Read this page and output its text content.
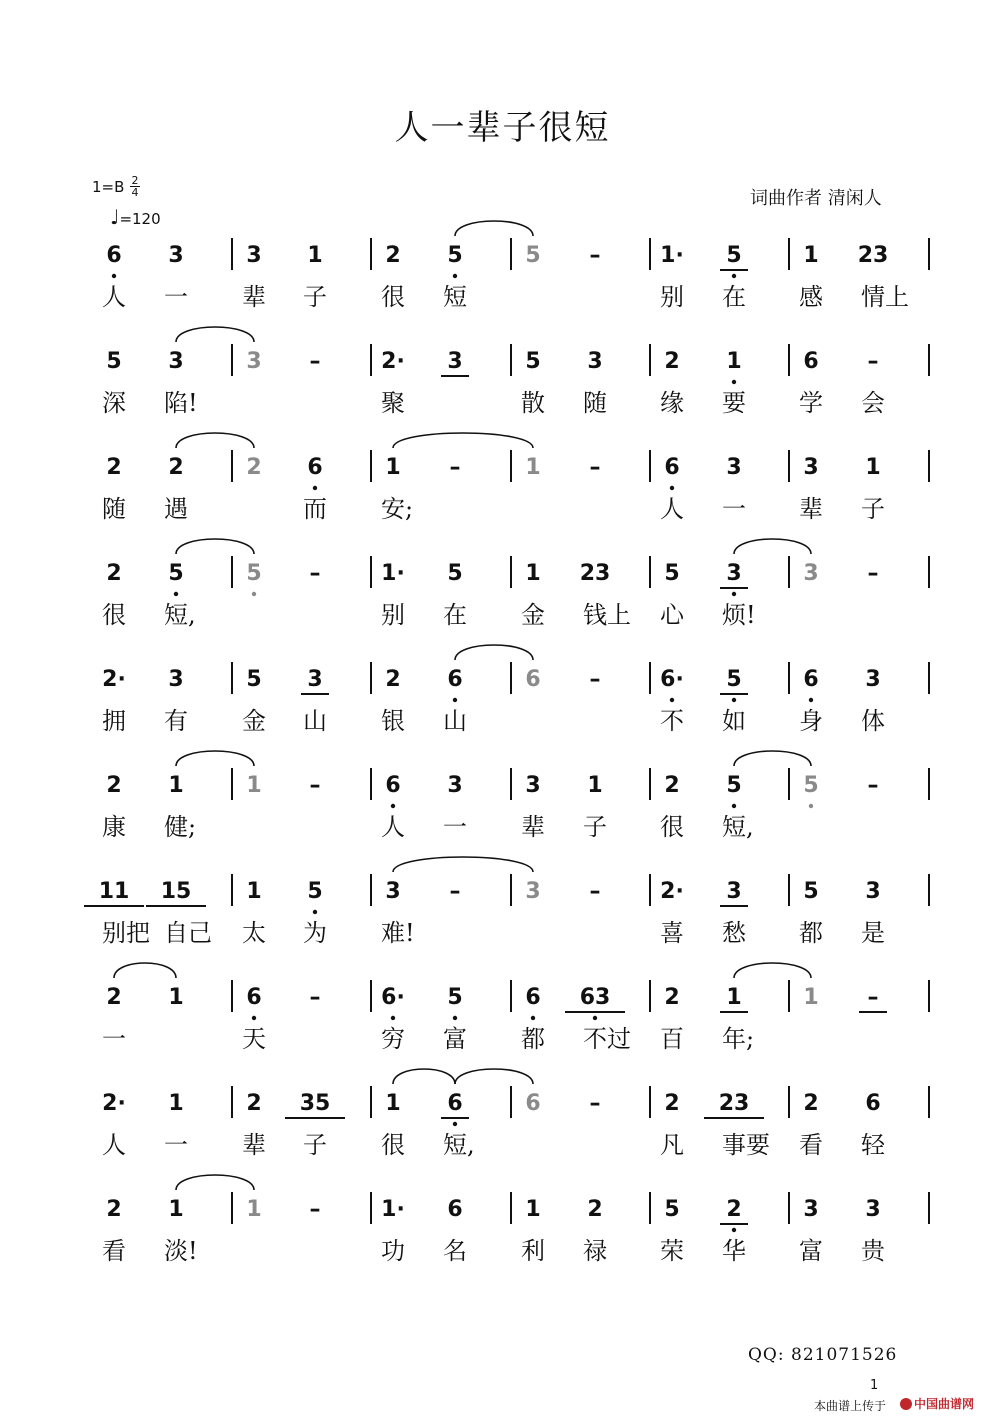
人一辈子很短
1=B 2
4
♩=120
词曲作者 清闲人
6 3	3 1	2 5	5 –	1· 5	1 23
人 一 辈 子 很 短	别 在 感 情上
5 3	3 –	2· 3	5 3	2 1	6 –
深 陷!	聚	散 随 缘 要 学 会
2 2	2 6	1 –	1 –	6 3	3 1
随 遇	而 安;	人 一 辈 子
2 5	5 –	1· 5	1 23 5 3	3 –
很 短,	别 在 金 钱上 心 烦!
2· 3	5 3	2 6	6 –	6· 5	6 3
拥 有 金 山 银 山	不 如 身 体
2 1	1 –	6 3	3 1	2 5	5 –
康 健;	人 一 辈 子 很 短,
11 15	1 5	3 –	3 –	2· 3	5 3
别把 自己 太 为 难!	喜 愁 都 是
2 1	6 –	6· 5	6 63 2 1	1 –
一	天	穷 富 都 不过 百 年;
2· 1	2 35	1 6	6 –	2 23 2 6
人 一 辈 子 很 短,	凡 事要 看 轻
2 1	1 –	1· 6	1 2	5 2	3 3
看 淡!	功 名 利 禄 荣 华 富 贵
QQ: 821071526
1
本曲谱上传于	中国曲谱网
